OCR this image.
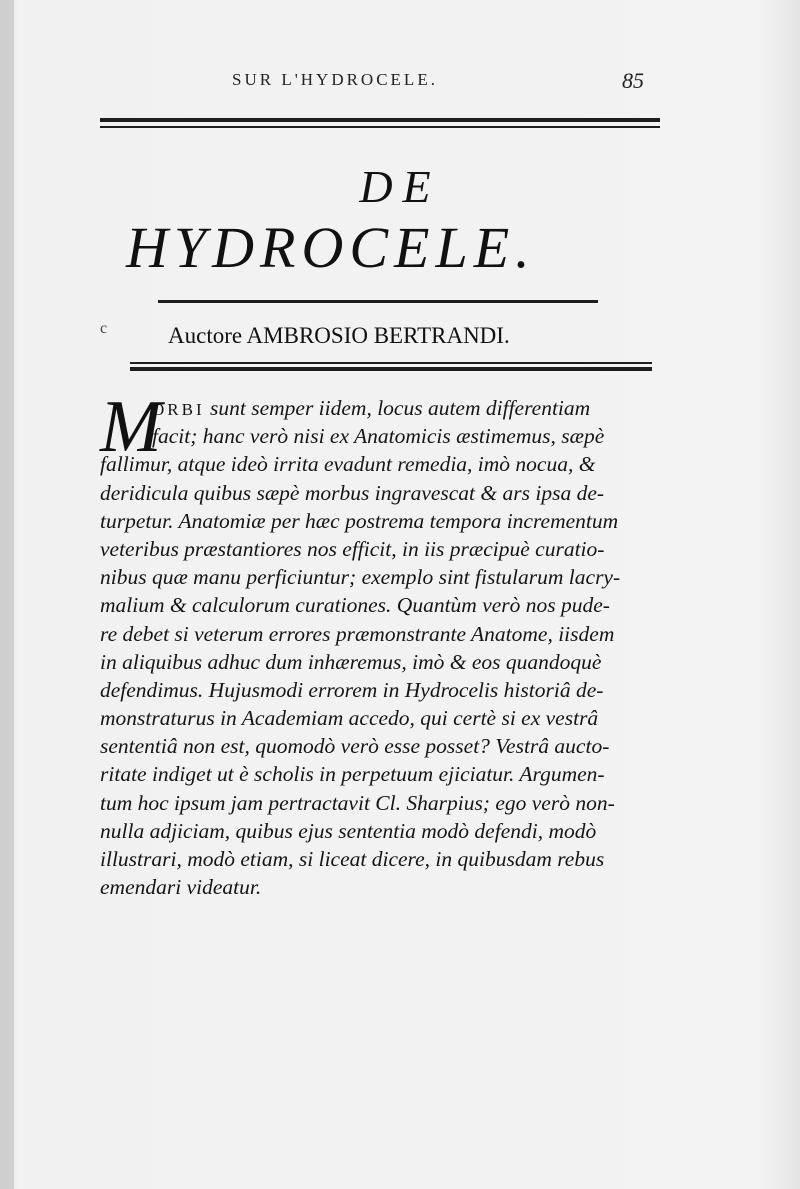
SUR L'HYDROCELE.	85
DE
HYDROCELE.
c	Auctore AMBROSIO BERTRANDI.
M
ORBI sunt semper iidem, locus autem differentiam
facit; hanc verò nisi ex Anatomicis æstimemus, sæpè
fallimur, atque ideò irrita evadunt remedia, imò nocua, &
deridicula quibus sæpè morbus ingravescat & ars ipsa de-
turpetur. Anatomiæ per hæc postrema tempora incrementum
veteribus præstantiores nos efficit, in iis præcipuè curatio-
nibus quæ manu perficiuntur; exemplo sint fistularum lacry-
malium & calculorum curationes. Quantùm verò nos pude-
re debet si veterum errores præmonstrante Anatome, iisdem
in aliquibus adhuc dum inhæremus, imò & eos quandoquè
defendimus. Hujusmodi errorem in Hydrocelis historiâ de-
monstraturus in Academiam accedo, qui certè si ex vestrâ
sententiâ non est, quomodò verò esse posset? Vestrâ aucto-
ritate indiget ut è scholis in perpetuum ejiciatur. Argumen-
tum hoc ipsum jam pertractavit Cl. Sharpius; ego verò non-
nulla adjiciam, quibus ejus sententia modò defendi, modò
illustrari, modò etiam, si liceat dicere, in quibusdam rebus
emendari videatur.
